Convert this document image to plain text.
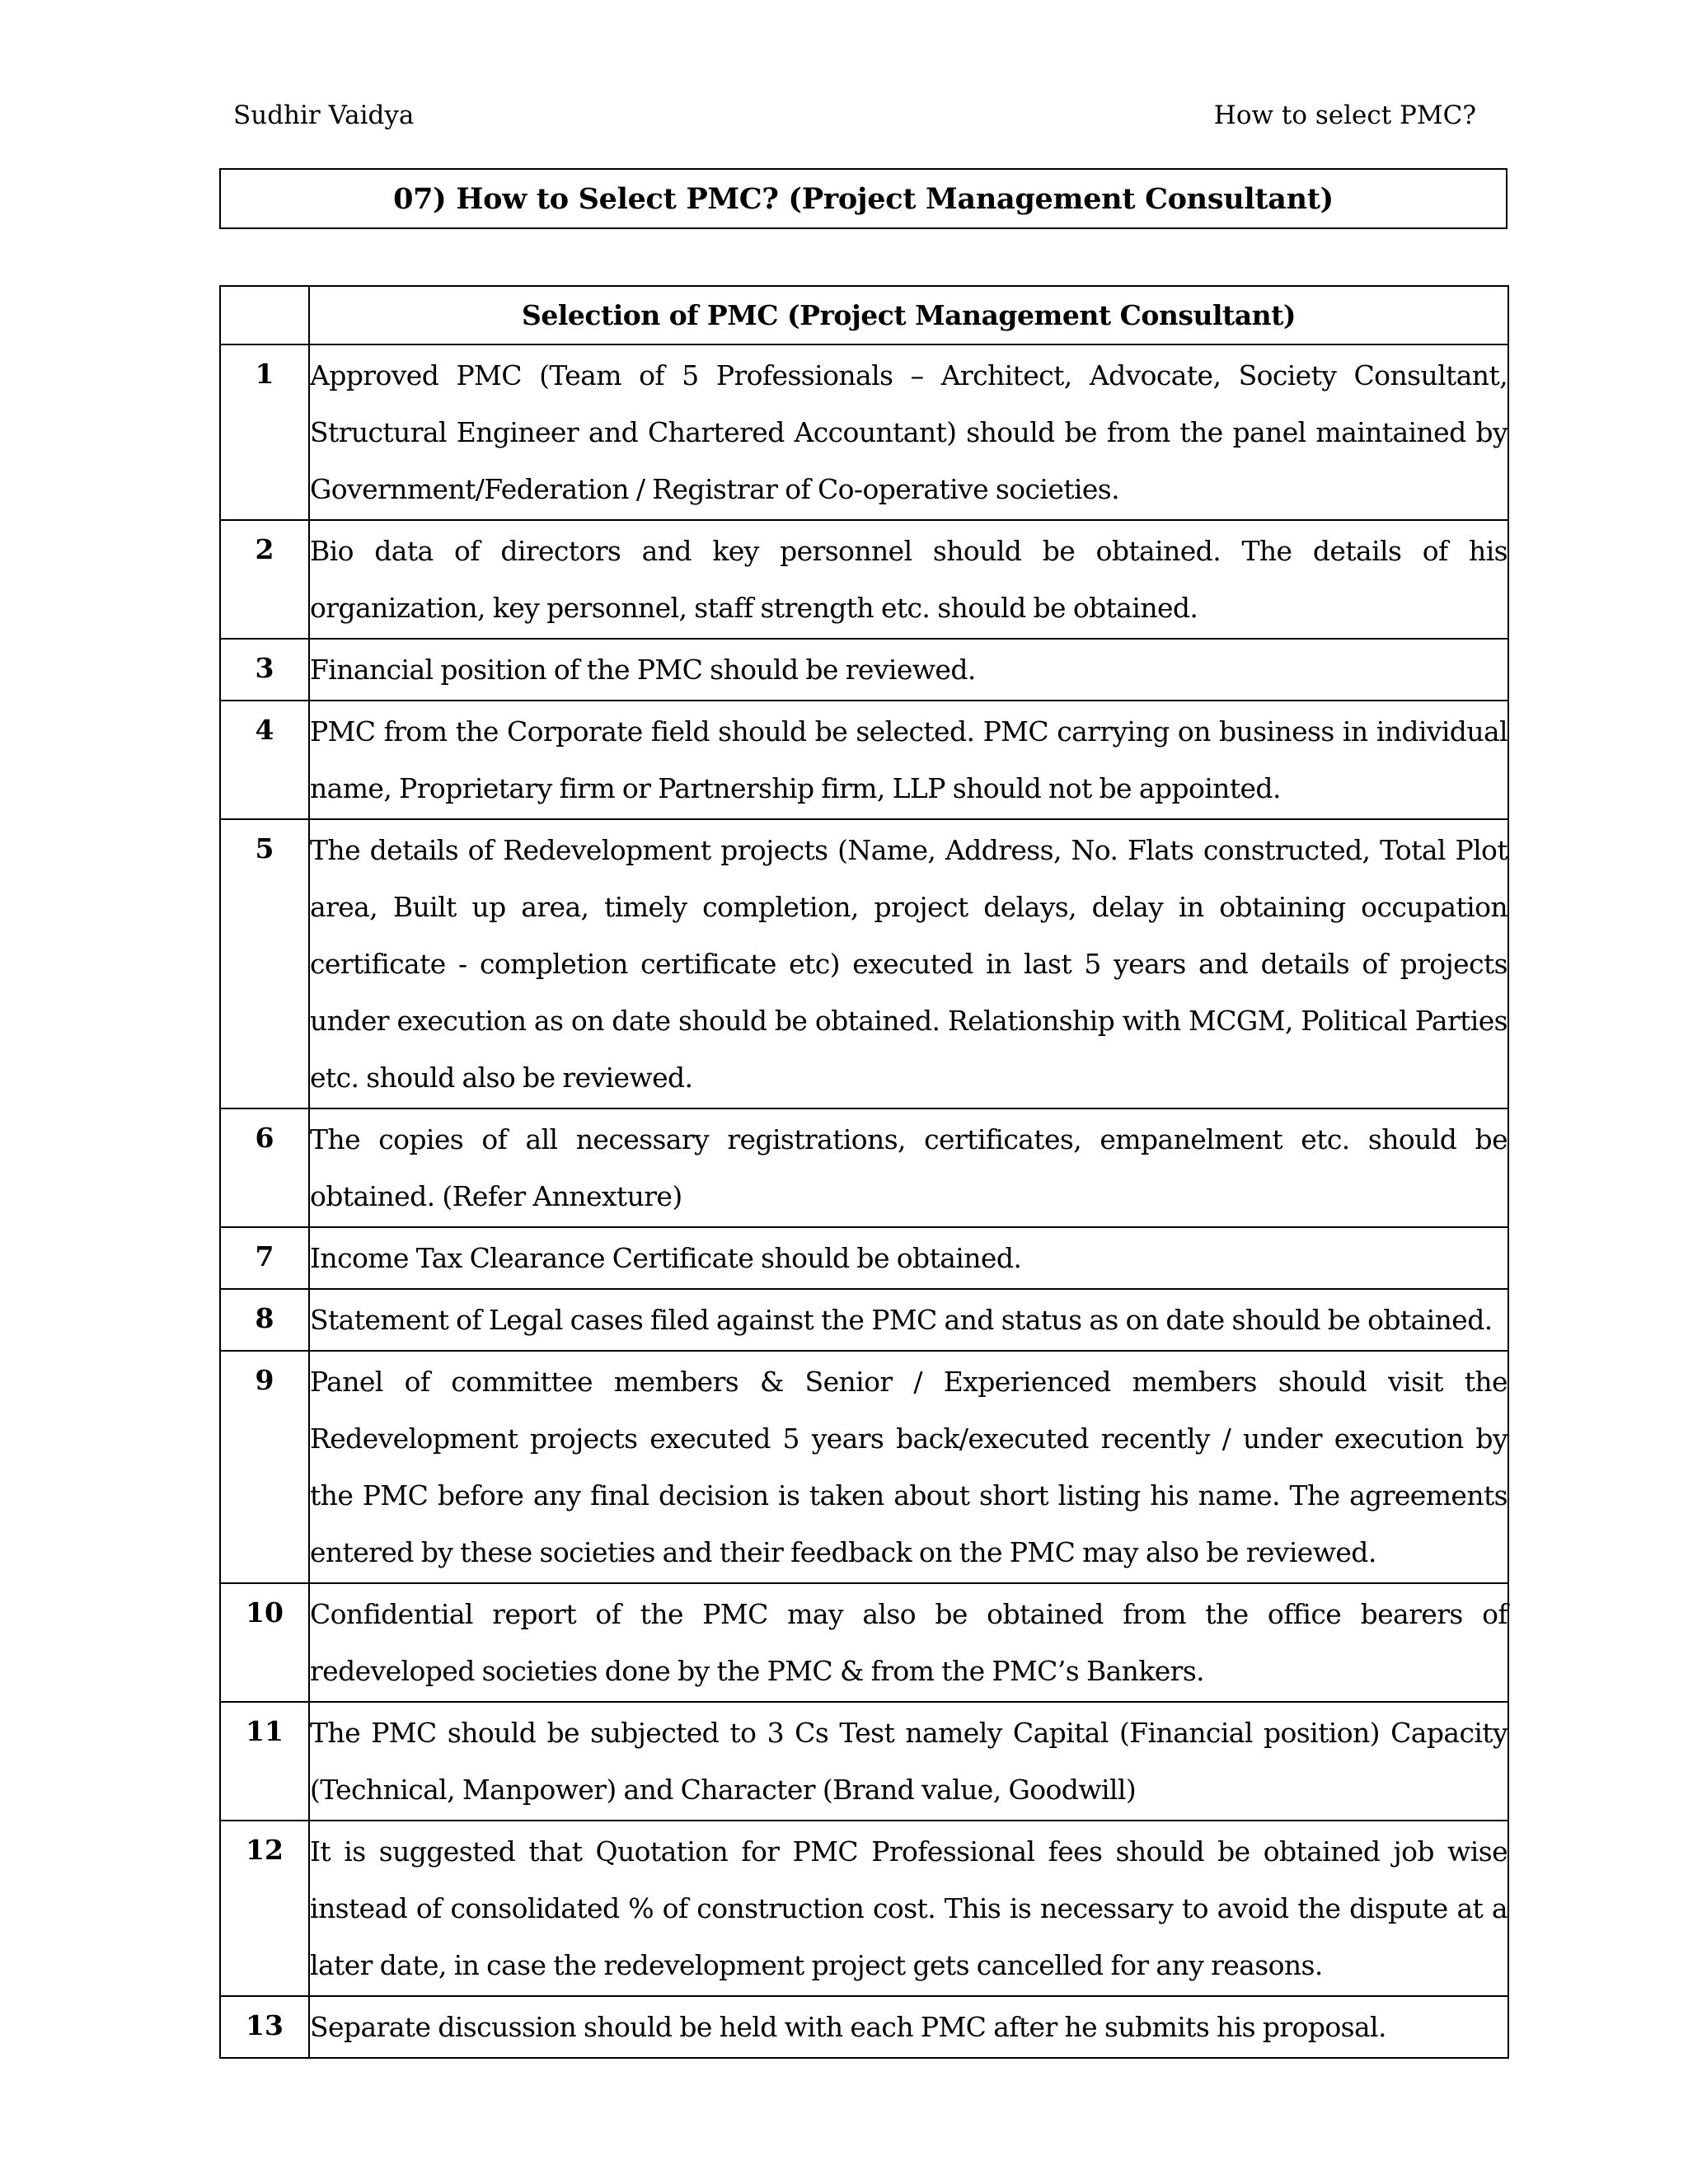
Sudhir Vaidya	How to select PMC?
07) How to Select PMC? (Project Management Consultant)
	Selection of PMC (Project Management Consultant)
1	Approved PMC (Team of 5 Professionals – Architect, Advocate, Society Consultant, Structural Engineer and Chartered Accountant) should be from the panel maintained by Government/Federation / Registrar of Co-operative societies.

2	Bio data of directors and key personnel should be obtained. The details of his organization, key personnel, staff strength etc. should be obtained.

3	Financial position of the PMC should be reviewed.

4	PMC from the Corporate field should be selected. PMC carrying on business in individual name, Proprietary firm or Partnership firm, LLP should not be appointed.

5	The details of Redevelopment projects (Name, Address, No. Flats constructed, Total Plot area, Built up area, timely completion, project delays, delay in obtaining occupation certificate - completion certificate etc) executed in last 5 years and details of projects under execution as on date should be obtained. Relationship with MCGM, Political Parties etc. should also be reviewed.

6	The copies of all necessary registrations, certificates, empanelment etc. should be obtained. (Refer Annexture)

7	Income Tax Clearance Certificate should be obtained.

8	Statement of Legal cases filed against the PMC and status as on date should be obtained.

9	Panel of committee members & Senior / Experienced members should visit the Redevelopment projects executed 5 years back/executed recently / under execution by the PMC before any final decision is taken about short listing his name. The agreements entered by these societies and their feedback on the PMC may also be reviewed.

10	Confidential report of the PMC may also be obtained from the office bearers of redeveloped societies done by the PMC & from the PMC’s Bankers.

11	The PMC should be subjected to 3 Cs Test namely Capital (Financial position) Capacity (Technical, Manpower) and Character (Brand value, Goodwill)

12	It is suggested that Quotation for PMC Professional fees should be obtained job wise instead of consolidated % of construction cost. This is necessary to avoid the dispute at a later date, in case the redevelopment project gets cancelled for any reasons.

13	Separate discussion should be held with each PMC after he submits his proposal.
